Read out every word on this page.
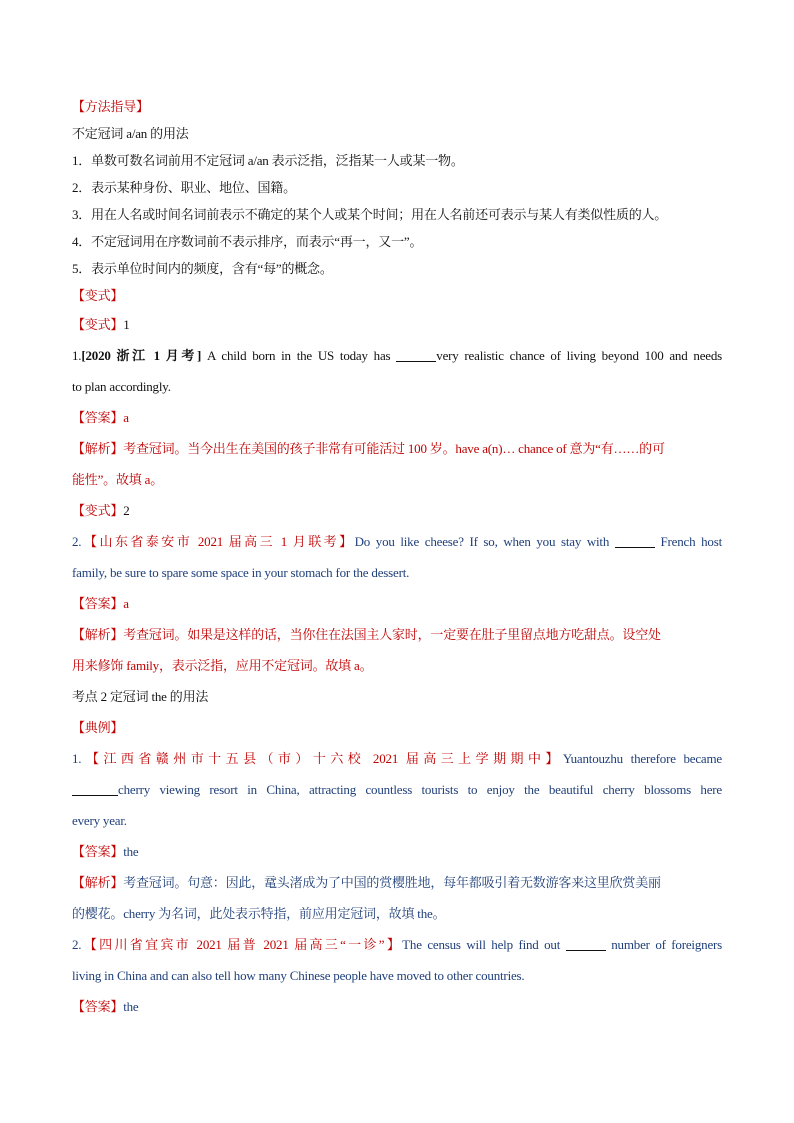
【方法指导】
不定冠词 a/an 的用法
1．单数可数名词前用不定冠词 a/an 表示泛指，泛指某一人或某一物。
2．表示某种身份、职业、地位、国籍。
3．用在人名或时间名词前表示不确定的某个人或某个时间；用在人名前还可表示与某人有类似性质的人。
4．不定冠词用在序数词前不表示排序，而表示“再一，又一”。
5．表示单位时间内的频度，含有“每”的概念。
【变式】
【变式】1
1.[2020 浙江 1 月考] A child born in the US today has	very realistic chance of living beyond 100 and needs
to plan accordingly.
【答案】a
【解析】考查冠词。当今出生在美国的孩子非常有可能活过 100 岁。have a(n)… chance of 意为“有……的可
能性”。故填 a。
【变式】2
2.【山东省泰安市 2021 届高三 1 月联考】Do you like cheese? If so, when you stay with	French host
family, be sure to spare some space in your stomach for the dessert.
【答案】a
【解析】考查冠词。如果是这样的话，当你住在法国主人家时，一定要在肚子里留点地方吃甜点。设空处
用来修饰 family，表示泛指，应用不定冠词。故填 a。
考点 2 定冠词 the 的用法
【典例】
1.【江西省赣州市十五县（市）十六校 2021 届高三上学期期中】Yuantouzhu therefore became
cherry viewing resort in China, attracting countless tourists to enjoy the beautiful cherry blossoms here
every year.
【答案】the
【解析】考查冠词。句意：因此，鼋头渚成为了中国的赏樱胜地，每年都吸引着无数游客来这里欣赏美丽
的樱花。cherry 为名词，此处表示特指，前应用定冠词，故填 the。
2.【四川省宜宾市 2021 届普 2021 届高三“一诊”】The census will help find out	number of foreigners
living in China and can also tell how many Chinese people have moved to other countries.
【答案】the
